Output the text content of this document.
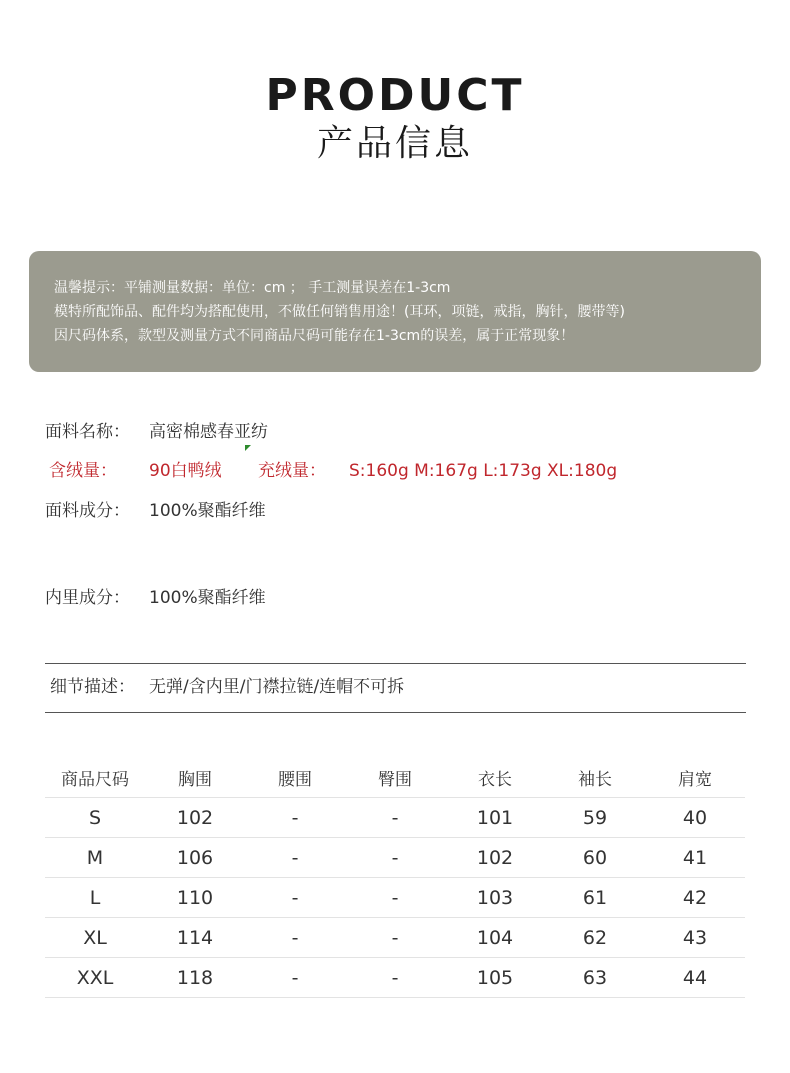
PRODUCT
产品信息
温馨提示：平铺测量数据：单位：cm ； 手工测量误差在1-3cm
模特所配饰品、配件均为搭配使用，不做任何销售用途！(耳环，项链，戒指，胸针，腰带等)
因尺码体系，款型及测量方式不同商品尺码可能存在1-3cm的误差，属于正常现象！
面料名称： 高密棉感春亚纺
含绒量： 90白鸭绒 充绒量： S:160g M:167g L:173g XL:180g
面料成分： 100%聚酯纤维
内里成分： 100%聚酯纤维
细节描述： 无弹/含内里/门襟拉链/连帽不可拆
商品尺码	胸围	腰围	臀围	衣长	袖长	肩宽
S	102	-	-	101	59	40
M	106	-	-	102	60	41
L	110	-	-	103	61	42
XL	114	-	-	104	62	43
XXL	118	-	-	105	63	44
